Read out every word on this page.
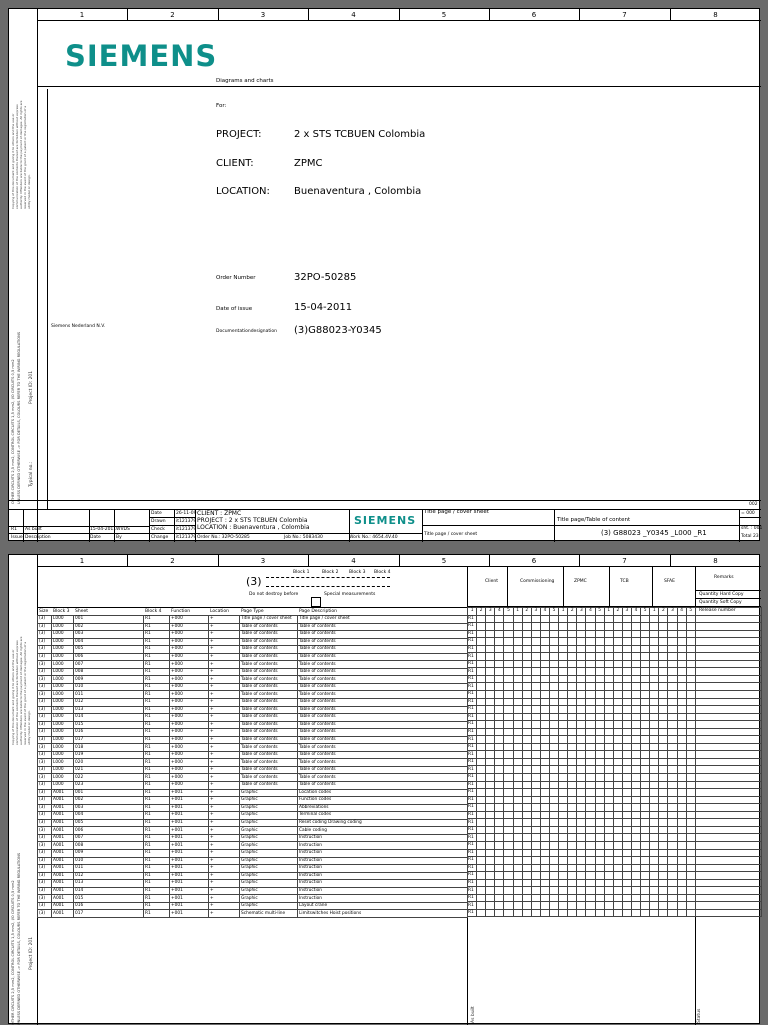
1	2	3	4	5	6	7	8
SIEMENS
Diagrams and charts
For:
PROJECT:	2 x STS TCBUEN Colombia
CLIENT:	ZPMC
LOCATION: Buenaventura , Colombia
Order Number	32PO-50285
Date of issue	15-04-2011
Documentationdesignation (3)G88023-Y0345
Siemens Nederland N.V.
Copying of this document and giving it to others and the use or communication of the contents thereof are forbidden without express authority. Offenders are liable to the payment of damages. All rights are reserved in the event of the grant of a patent or the registration of a utility model or design.
OTHER CIRCUITS 2,5 mm2, CONTROL CIRCUITS 1,5 mm2, I/O CIRCUITS 0,5 mm2 UNLESS DEFINED OTHERWISE -> FOR DETAILS, COLOURS REFER TO THE WIRING REGULATIONS Project ID: 201
Typical no.:
002
R1 As built	15-04-2011 WVDS
Issue Description	Date	By
Date	26-11-09
Drawn it121379
Check it121379
Change it121379
CLIENT : ZPMC
PROJECT : 2 x STS TCBUEN Colombia
LOCATION : Buenaventura , Colombia
Order No.: 32PO-50285	Job No.: 5083430	Work No.: 4654.4V.40
SIEMENS
Title page / cover sheet
Title page / cover sheet
Title page/Table of content
(3) G88023 _Y0345 _L000 _R1
= 000
sht. : 001
Total 23
1	2	3	4	5	6	7	8
(3)
Block 1	Block 2 Block 3 Block 4
Do not destroy before	Special measurements
Size Block 3 Sheet	Block 4 Function	Location	Page Type	Page Description
Client	Commissioning	ZPMC	TCB	SFAE
Remarks
Quantity Hard Copy
Quantity Soft Copy
(3)	L000	001	R1	+000	+	Title page / cover sheet	Title page / cover sheet
(3)	L000	002	R1	+000	+	Table of contents	Table of contents
(3)	L000	003	R1	+000	+	Table of contents	Table of contents
(3)	L000	004	R1	+000	+	Table of contents	Table of contents
(3)	L000	005	R1	+000	+	Table of contents	Table of contents
(3)	L000	006	R1	+000	+	Table of contents	Table of contents
(3)	L000	007	R1	+000	+	Table of contents	Table of contents
(3)	L000	008	R1	+000	+	Table of contents	Table of contents
(3)	L000	009	R1	+000	+	Table of contents	Table of contents
(3)	L000	010	R1	+000	+	Table of contents	Table of contents
(3)	L000	011	R1	+000	+	Table of contents	Table of contents
(3)	L000	012	R1	+000	+	Table of contents	Table of contents
(3)	L000	013	R1	+000	+	Table of contents	Table of contents
(3)	L000	014	R1	+000	+	Table of contents	Table of contents
(3)	L000	015	R1	+000	+	Table of contents	Table of contents
(3)	L000	016	R1	+000	+	Table of contents	Table of contents
(3)	L000	017	R1	+000	+	Table of contents	Table of contents
(3)	L000	018	R1	+000	+	Table of contents	Table of contents
(3)	L000	019	R1	+000	+	Table of contents	Table of contents
(3)	L000	020	R1	+000	+	Table of contents	Table of contents
(3)	L000	021	R1	+000	+	Table of contents	Table of contents
(3)	L000	022	R1	+000	+	Table of contents	Table of contents
(3)	L000	023	R1	+000	+	Table of contents	Table of contents
(3)	A001	001	R1	+001	+	Graphic	Location codes
(3)	A001	002	R1	+001	+	Graphic	Function codes
(3)	A001	003	R1	+001	+	Graphic	Abbreviations
(3)	A001	004	R1	+001	+	Graphic	Terminal codes
(3)	A001	005	R1	+001	+	Graphic	Reset coding Drawing coding
(3)	A001	006	R1	+001	+	Graphic	Cable coding
(3)	A001	007	R1	+001	+	Graphic	Instruction
(3)	A001	008	R1	+001	+	Graphic	Instruction
(3)	A001	009	R1	+001	+	Graphic	Instruction
(3)	A001	010	R1	+001	+	Graphic	Instruction
(3)	A001	011	R1	+001	+	Graphic	Instruction
(3)	A001	012	R1	+001	+	Graphic	Instruction
(3)	A001	013	R1	+001	+	Graphic	Instruction
(3)	A001	014	R1	+001	+	Graphic	Instruction
(3)	A001	015	R1	+001	+	Graphic	Instruction
(3)	A001	016	R1	+001	+	Graphic	Layout crane
(3)	A001	017	R1	+001	+	Schematic multi-line	Limitswitches Hoist positions
1	2	3	4	5	1	2	3	4	5	1	2	3	4	5	1	2	3	4	5	1	2	3	4	5	
R1																									
R1																									
R1																									
R1																									
R1																									
R1																									
R1																									
R1																									
R1																									
R1																									
R1																									
R1																									
R1																									
R1																									
R1																									
R1																									
R1																									
R1																									
R1																									
R1																									
R1																									
R1																									
R1																									
R1																									
R1																									
R1																									
R1																									
R1																									
R1																									
R1																									
R1																									
R1																									
R1																									
R1																									
R1																									
R1																									
R1																									
R1																									
R1																									
R1																									
Release number
As built	Status
Copying of this document and giving it to others and the use or communication of the contents thereof are forbidden without express authority. Offenders are liable to the payment of damages. All rights are reserved in the event of the grant of a patent or the registration of a utility model or design.
OTHER CIRCUITS 2,5 mm2, CONTROL CIRCUITS 1,5 mm2, I/O CIRCUITS 0,5 mm2 UNLESS DEFINED OTHERWISE -> FOR DETAILS, COLOURS REFER TO THE WIRING REGULATIONS Project ID: 201
